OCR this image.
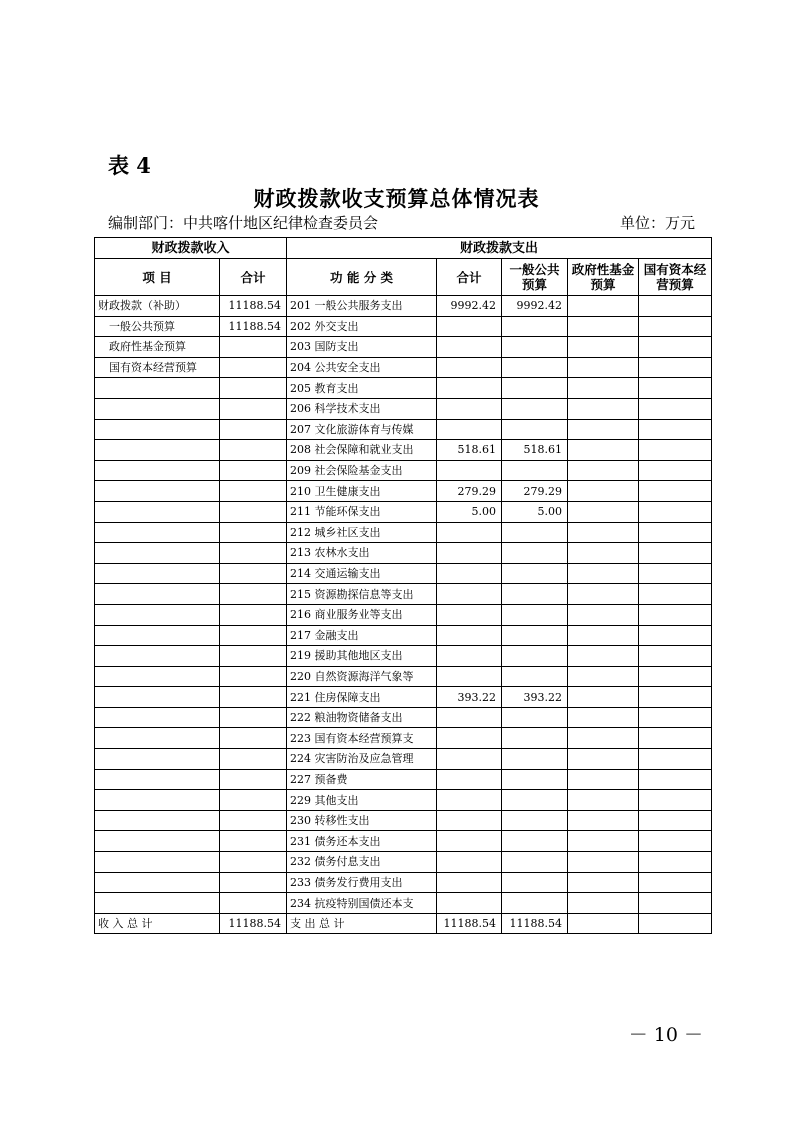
表 4
财政拨款收支预算总体情况表
编制部门：中共喀什地区纪律检查委员会	单位：万元
财政拨款收入		财政拨款支出				
项 目	合计	功 能 分 类	合计	一般公共预算	政府性基金预算	国有资本经营预算
财政拨款（补助）	11188.54	201 一般公共服务支出	9992.42	9992.42		
一般公共预算	11188.54	202 外交支出				
政府性基金预算		203 国防支出				
国有资本经营预算		204 公共安全支出				
		205 教育支出				
		206 科学技术支出				
		207 文化旅游体育与传媒				
		208 社会保障和就业支出	518.61	518.61		
		209 社会保险基金支出				
		210 卫生健康支出	279.29	279.29		
		211 节能环保支出	5.00	5.00		
		212 城乡社区支出				
		213 农林水支出				
		214 交通运输支出				
		215 资源勘探信息等支出				
		216 商业服务业等支出				
		217 金融支出				
		219 援助其他地区支出				
		220 自然资源海洋气象等				
		221 住房保障支出	393.22	393.22		
		222 粮油物资储备支出				
		223 国有资本经营预算支				
		224 灾害防治及应急管理				
		227 预备费				
		229 其他支出				
		230 转移性支出				
		231 债务还本支出				
		232 债务付息支出				
		233 债务发行费用支出				
		234 抗疫特别国债还本支				
收 入 总 计	11188.54	支 出 总 计	11188.54	11188.54		
－ 10 －
